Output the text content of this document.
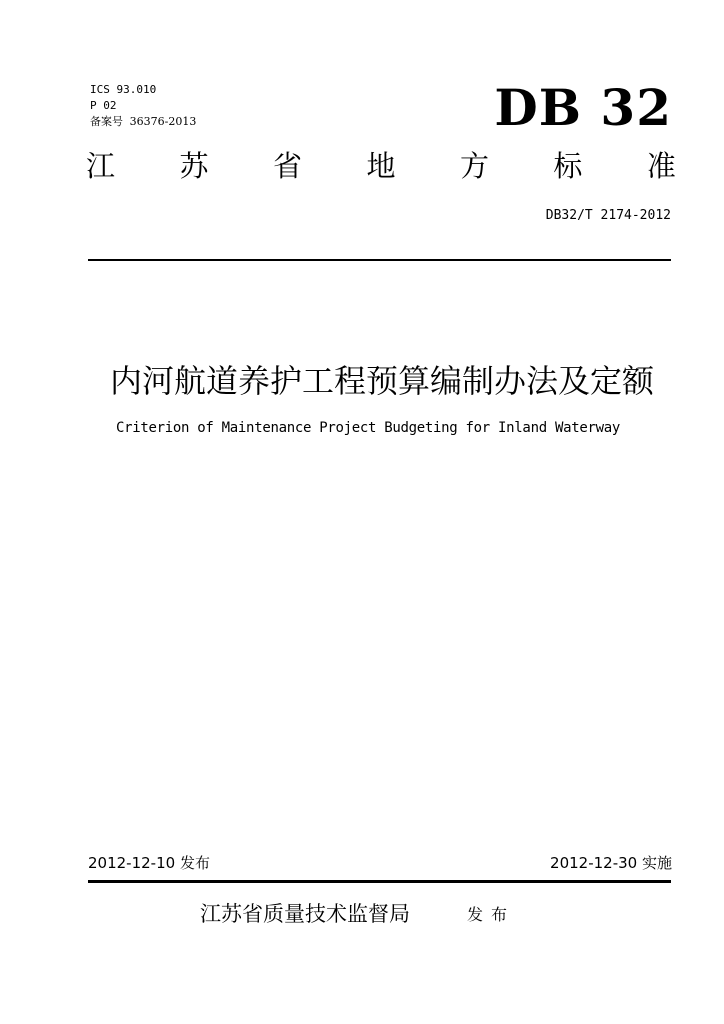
ICS 93.010
P 02
备案号 36376-2013	DB 32
江 苏 省 地 方 标 准
DB32/T 2174-2012
内河航道养护工程预算编制办法及定额
Criterion of Maintenance Project Budgeting for Inland Waterway
2012-12-10 发布	2012-12-30 实施
江苏省质量技术监督局	发布
